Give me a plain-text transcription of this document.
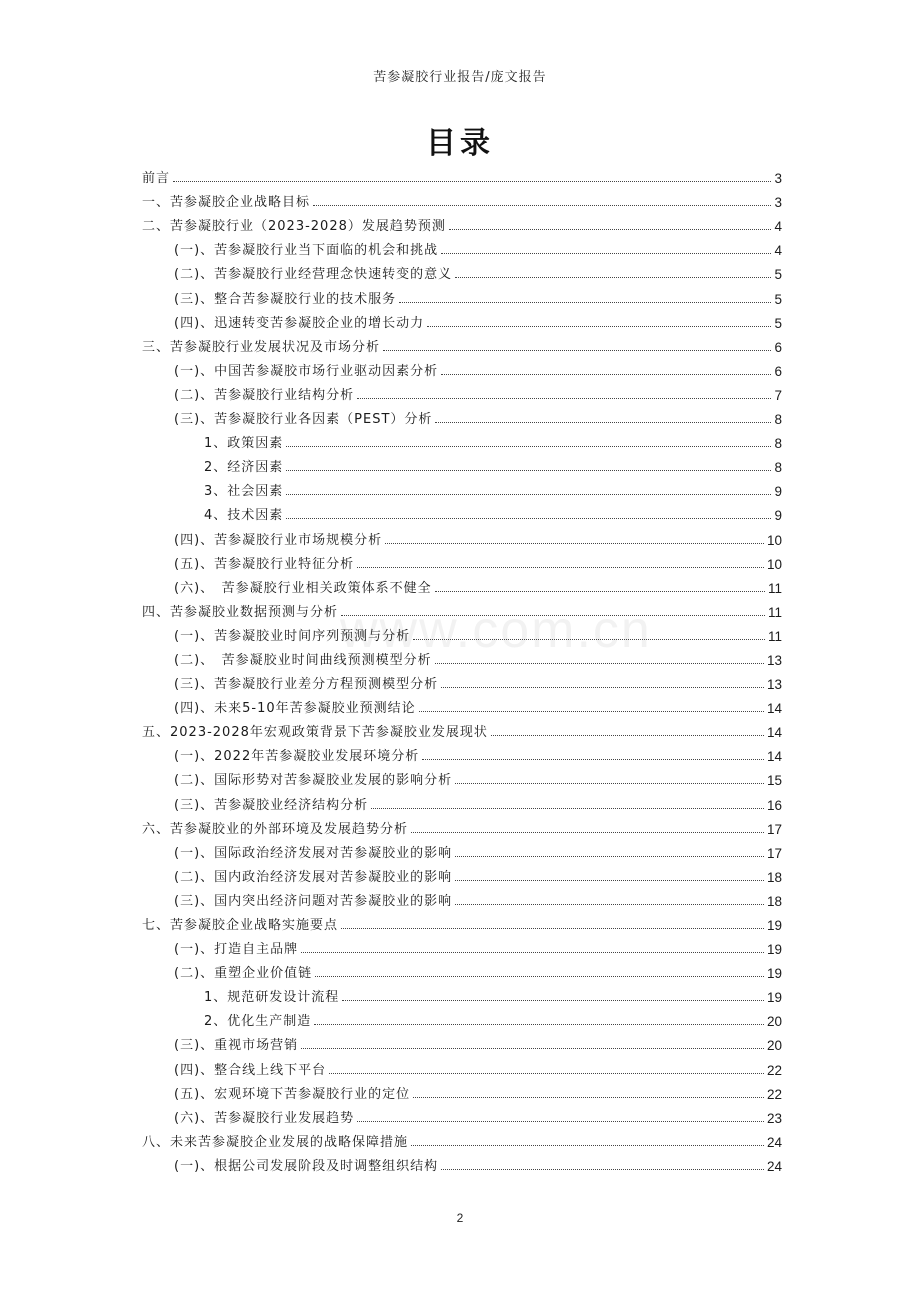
苦参凝胶行业报告/庞文报告
目录
www.com.cn
前言	3
一、苦参凝胶企业战略目标	3
二、苦参凝胶行业（2023-2028）发展趋势预测	4
(一)、苦参凝胶行业当下面临的机会和挑战	4
(二)、苦参凝胶行业经营理念快速转变的意义	5
(三)、整合苦参凝胶行业的技术服务	5
(四)、迅速转变苦参凝胶企业的增长动力	5
三、苦参凝胶行业发展状况及市场分析	6
(一)、中国苦参凝胶市场行业驱动因素分析	6
(二)、苦参凝胶行业结构分析	7
(三)、苦参凝胶行业各因素（PEST）分析	8
1、政策因素	8
2、经济因素	8
3、社会因素	9
4、技术因素	9
(四)、苦参凝胶行业市场规模分析	10
(五)、苦参凝胶行业特征分析	10
(六)、　苦参凝胶行业相关政策体系不健全	11
四、苦参凝胶业数据预测与分析	11
(一)、苦参凝胶业时间序列预测与分析	11
(二)、　苦参凝胶业时间曲线预测模型分析	13
(三)、苦参凝胶行业差分方程预测模型分析	13
(四)、未来5-10年苦参凝胶业预测结论	14
五、2023-2028年宏观政策背景下苦参凝胶业发展现状	14
(一)、2022年苦参凝胶业发展环境分析	14
(二)、国际形势对苦参凝胶业发展的影响分析	15
(三)、苦参凝胶业经济结构分析	16
六、苦参凝胶业的外部环境及发展趋势分析	17
(一)、国际政治经济发展对苦参凝胶业的影响	17
(二)、国内政治经济发展对苦参凝胶业的影响	18
(三)、国内突出经济问题对苦参凝胶业的影响	18
七、苦参凝胶企业战略实施要点	19
(一)、打造自主品牌	19
(二)、重塑企业价值链	19
1、规范研发设计流程	19
2、优化生产制造	20
(三)、重视市场营销	20
(四)、整合线上线下平台	22
(五)、宏观环境下苦参凝胶行业的定位	22
(六)、苦参凝胶行业发展趋势	23
八、未来苦参凝胶企业发展的战略保障措施	24
(一)、根据公司发展阶段及时调整组织结构	24
2
